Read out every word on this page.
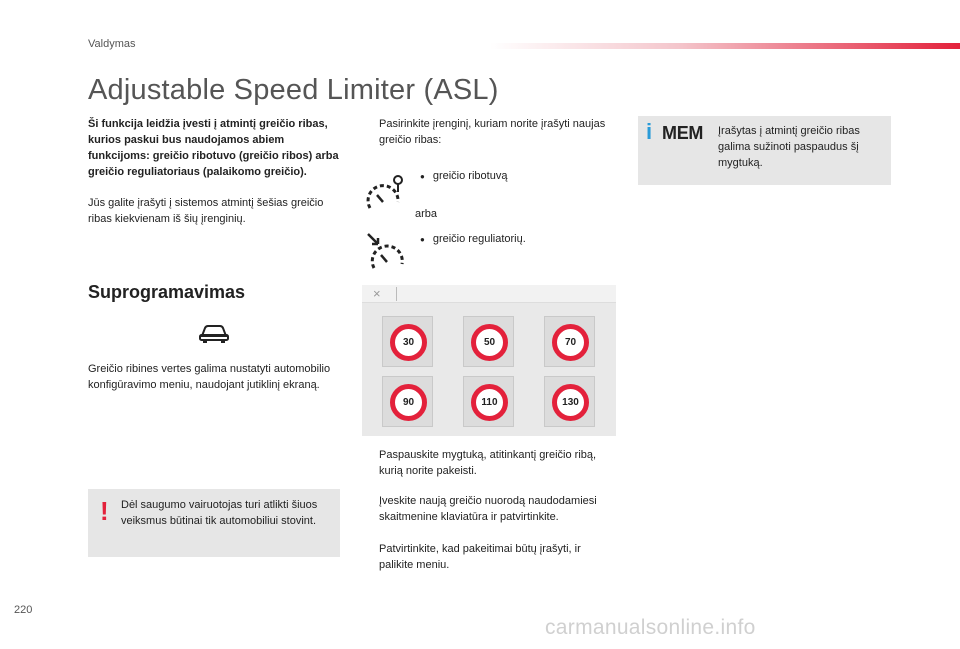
Valdymas
Adjustable Speed Limiter (ASL)
Ši funkcija leidžia įvesti į atmintį greičio ribas, kurios paskui bus naudojamos abiem funkcijoms: greičio ribotuvo (greičio ribos) arba greičio reguliatoriaus (palaikomo greičio).
Jūs galite įrašyti į sistemos atmintį šešias greičio ribas kiekvienam iš šių įrenginių.
Suprogramavimas
Greičio ribines vertes galima nustatyti automobilio konfigūravimo meniu, naudojant jutiklinį ekraną.
! Dėl saugumo vairuotojas turi atlikti šiuos veiksmus būtinai tik automobiliui stovint.
Pasirinkite įrenginį, kuriam norite įrašyti naujas greičio ribas:
● greičio ribotuvą
arba
● greičio reguliatorių.
×
30	50	70
90	110	130
Paspauskite mygtuką, atitinkantį greičio ribą, kurią norite pakeisti.
Įveskite naują greičio nuorodą naudodamiesi skaitmenine klaviatūra ir patvirtinkite.
Patvirtinkite, kad pakeitimai būtų įrašyti, ir palikite meniu.
i MEM Įrašytas į atmintį greičio ribas galima sužinoti paspaudus šį mygtuką.
220
carmanualsonline.info
